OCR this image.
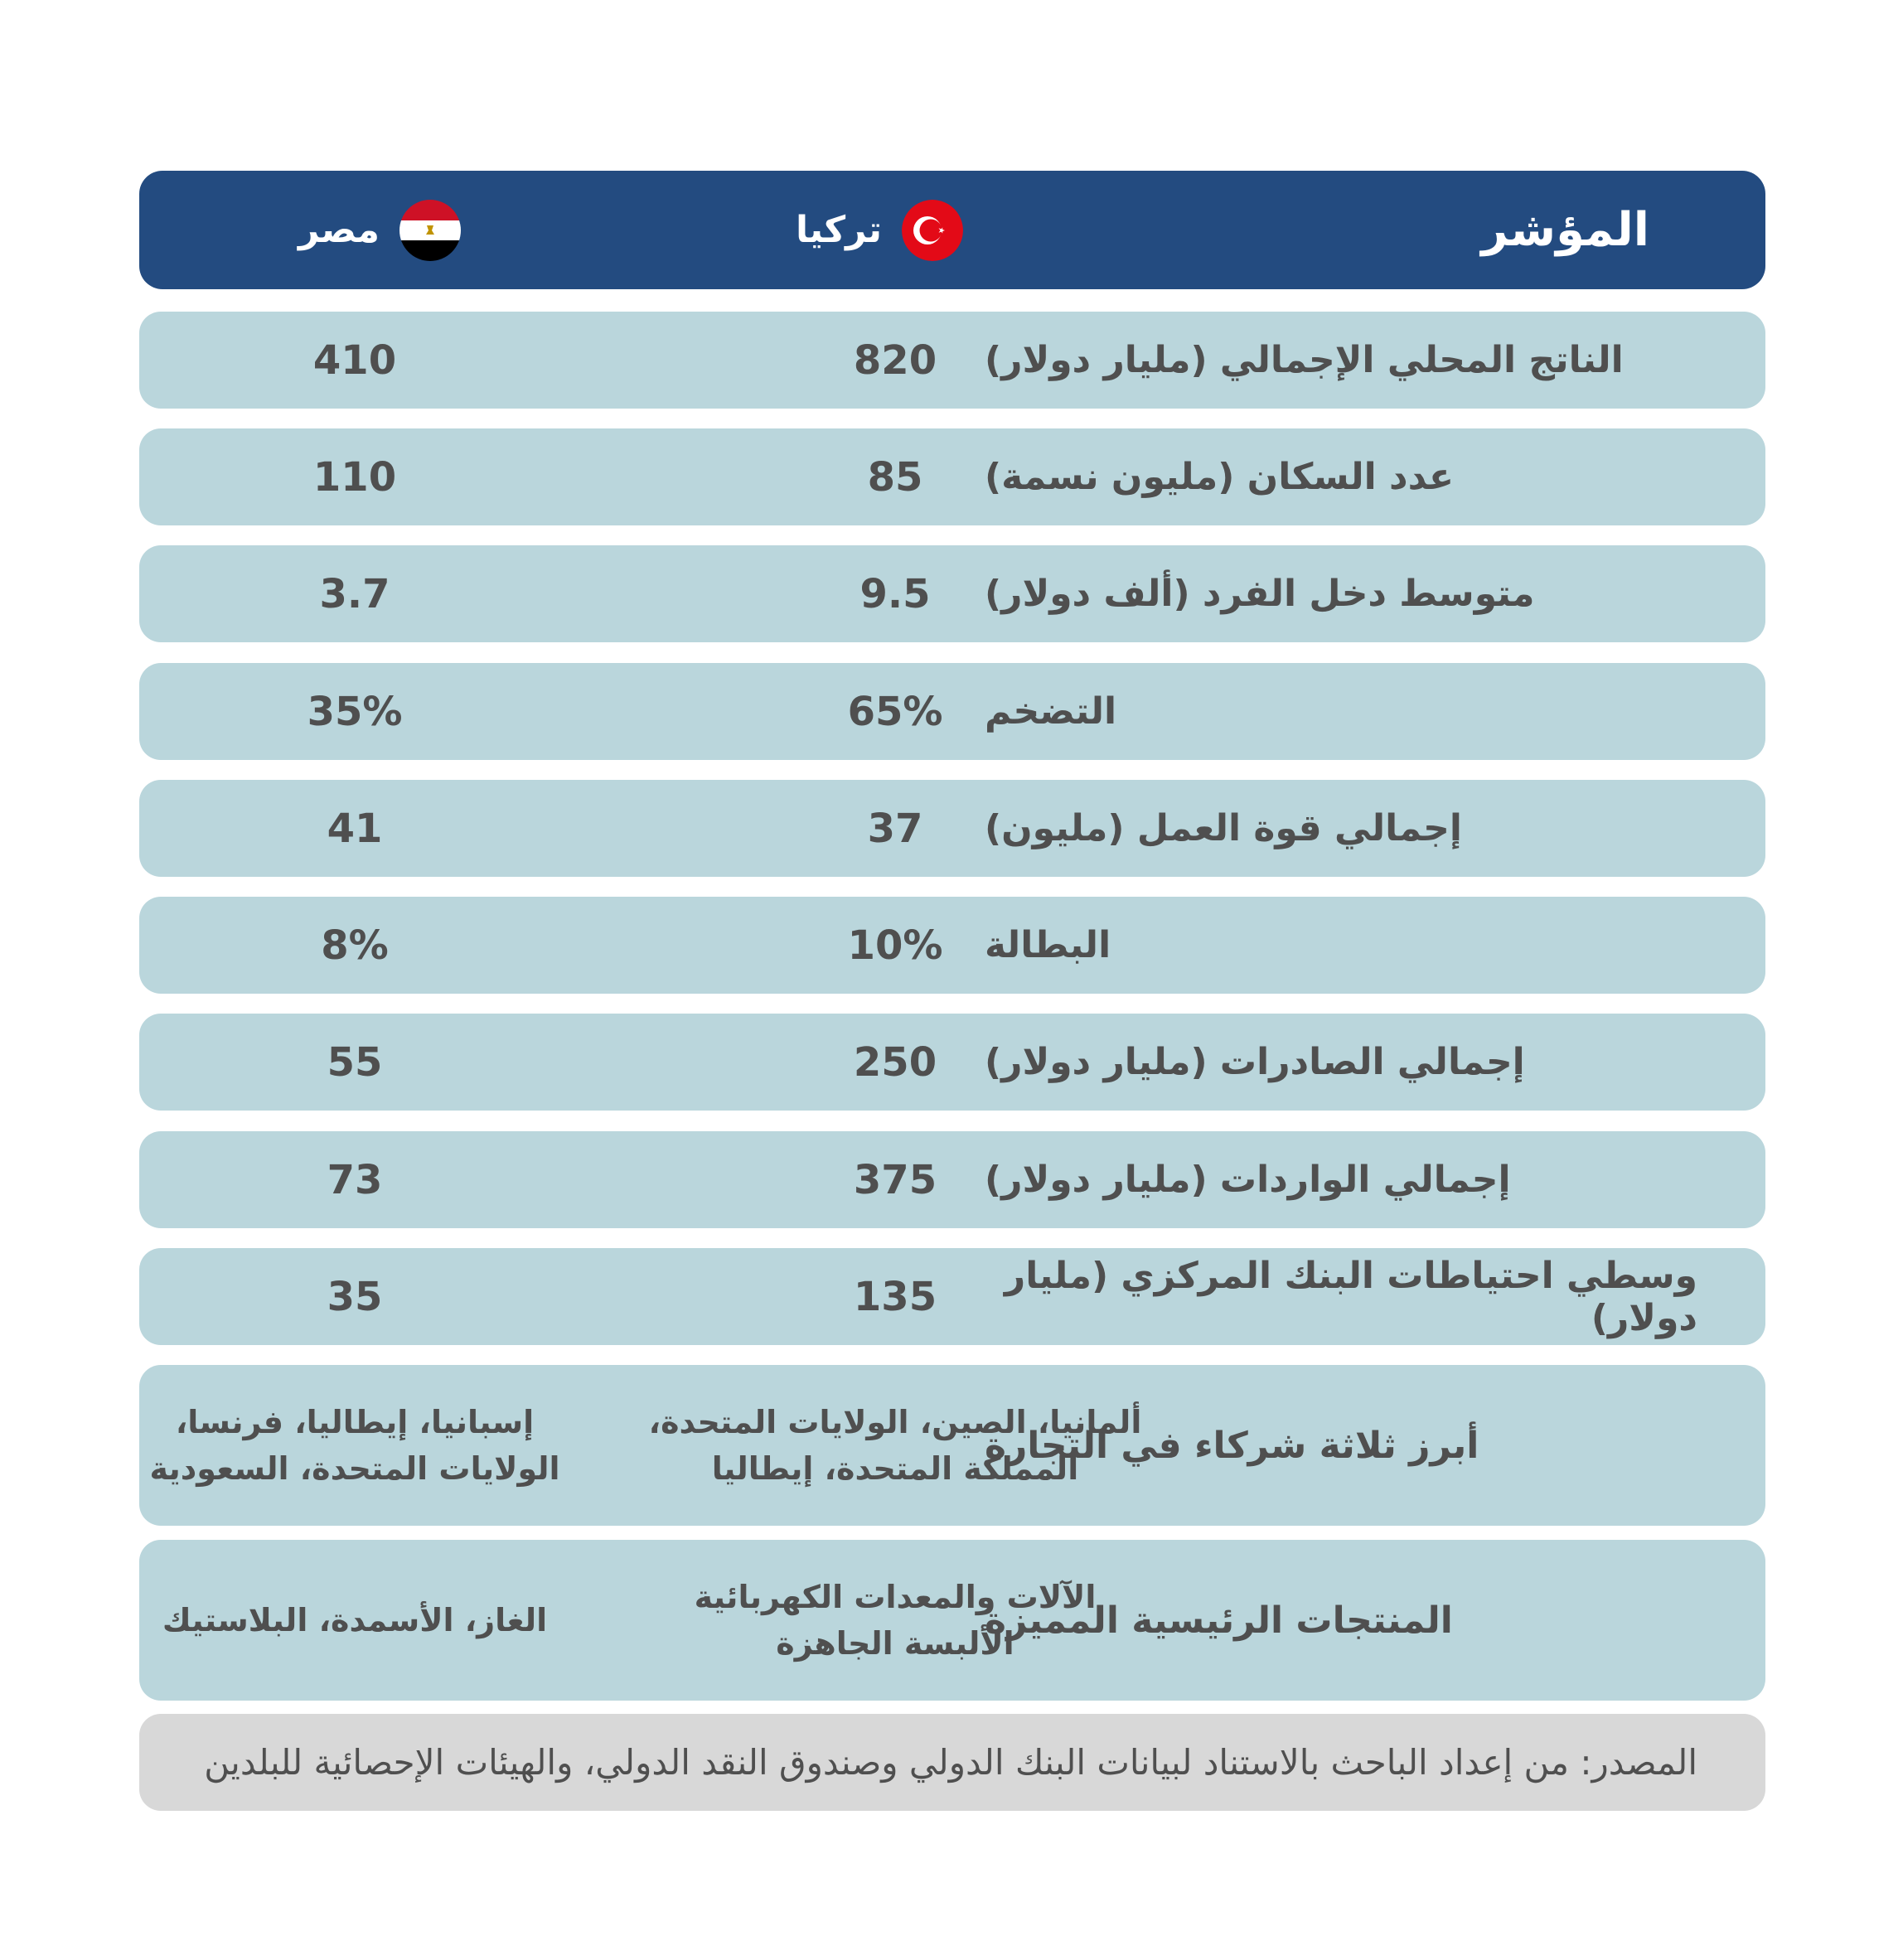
المؤشر
تركيا
مصر
الناتج المحلي الإجمالي (مليار دولار)
820
410
عدد السكان (مليون نسمة)
85
110
متوسط دخل الفرد (ألف دولار)
9.5
3.7
التضخم
65%
35%
إجمالي قوة العمل (مليون)
37
41
البطالة
10%
8%
إجمالي الصادرات (مليار دولار)
250
55
إجمالي الواردات (مليار دولار)
375
73
وسطي احتياطات البنك المركزي (مليار دولار)
135
35
أبرز ثلاثة شركاء في التجارة
ألمانيا، الصين، الولايات المتحدة،
المملكة المتحدة، إيطاليا
إسبانيا، إيطاليا، فرنسا،
الولايات المتحدة، السعودية
المنتجات الرئيسية المميزة
الآلات والمعدات الكهربائية
الألبسة الجاهزة
الغاز، الأسمدة، البلاستيك
المصدر: من إعداد الباحث بالاستناد لبيانات البنك الدولي وصندوق النقد الدولي، والهيئات الإحصائية للبلدين
